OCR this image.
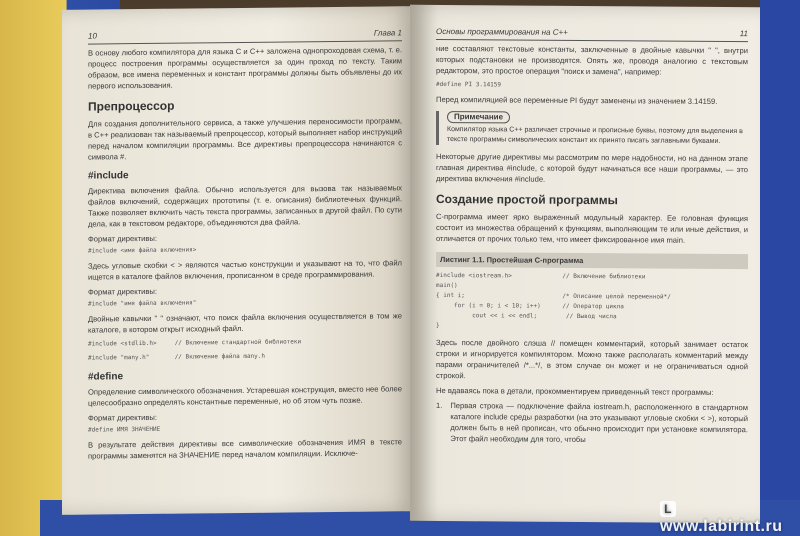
10	Глава 1

В основу любого компилятора для языка С и С++ заложена однопроходовая схема, т. е. процесс построения программы осуществляется за один проход по тексту. Таким образом, все имена переменных и констант программы должны быть объявлены до их первого использования.

Препроцессор

Для создания дополнительного сервиса, а также улучшения переносимости программ, в С++ реализован так называемый препроцессор, который выполняет набор инструкций перед началом компиляции программы. Все директивы препроцессора начинаются с символа #.

#include

Директива включения файла. Обычно используется для вызова так называемых файлов включений, содержащих прототипы (т. е. описания) библиотечных функций. Также позволяет включить часть текста программы, записанных в другой файл. По сути дела, как в текстовом редакторе, объединяются два файла.

Формат директивы:
#include <имя файла включения>

Здесь угловые скобки < > являются частью конструкции и указывают на то, что файл ищется в каталоге файлов включения, прописанном в среде программирования.

Формат директивы:
#include "имя файла включения"

Двойные кавычки " " означают, что поиск файла включения осуществляется в том же каталоге, в котором открыт исходный файл.

#include <stdlib.h>     // Включение стандартной библиотеки
#include "many.h"       // Включение файла many.h
#define

Определение символического обозначения. Устаревшая конструкция, вместо нее более целесообразно определять константные переменные, но об этом чуть позже.

Формат директивы:
#define ИМЯ ЗНАЧЕНИЕ

В результате действия директивы все символические обозначения ИМЯ в тексте программы заменятся на ЗНАЧЕНИЕ перед началом компиляции. Исключе-

Основы программирования на С++	11

ние составляют текстовые константы, заключенные в двойные кавычки " ", внутри которых подстановки не производятся. Опять же, проводя аналогию с текстовым редактором, это простое операция "поиск и замена", например:

#define PI 3.14159

Перед компиляцией все переменные PI будут заменены из значением 3.14159.

Примечание
Компилятор языка С++ различает строчные и прописные буквы, поэтому для выделения в тексте программы символических констант их принято писать заглавными буквами.

Некоторые другие директивы мы рассмотрим по мере надобности, но на данном этапе главная директива #include, с которой будут начинаться все наши программы, — это директива включения #include.

Создание простой программы

С-программа имеет ярко выраженный модульный характер. Ее головная функция состоит из множества обращений к функциям, выполняющим те или иные действия, и отличается от прочих только тем, что имеет фиксированное имя main.

Листинг 1.1. Простейшая С-программа
#include <iostream.h>              // Включение библиотеки
main()
{ int i;                           /* Описание целой переменной*/
for (i = 0; i < 10; i++)      // Оператор цикла
cout << i << endl;        // Вывод числа
}

Здесь после двойного слэша // помещен комментарий, который занимает остаток строки и игнорируется компилятором. Можно также располагать комментарий между парами ограничителей /*...*/, в этом случае он может и не ограничиваться одной строкой.

Не вдаваясь пока в детали, прокомментируем приведенный текст программы:

1. Первая строка — подключение файла iostream.h, расположенного в стандартном каталоге include среды разработки (на это указывают угловые скобки < >), который должен быть в ней прописан, что обычно происходит при установке компилятора. Этот файл необходим для того, чтобы

L www.labirint.ru
